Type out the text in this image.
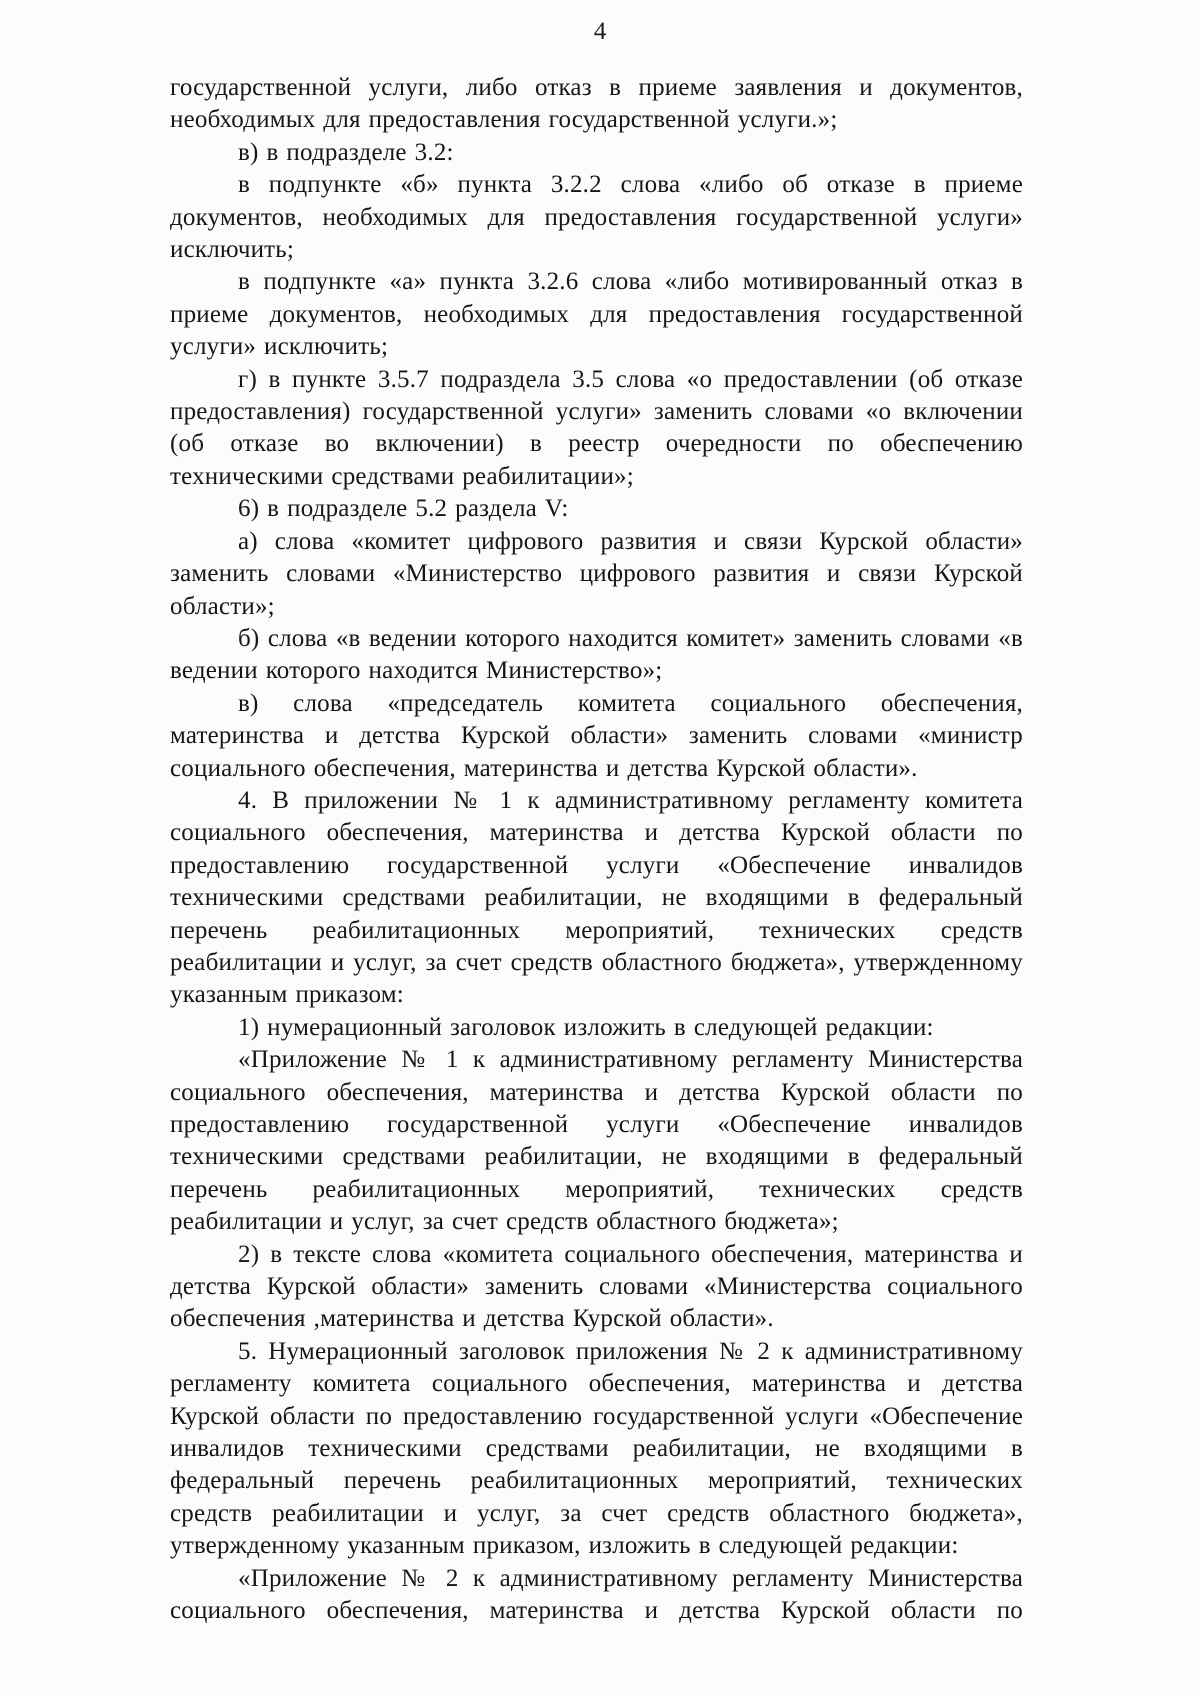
4

государственной услуги, либо отказ в приеме заявления и документов, необходимых для предоставления государственной услуги.»;

в) в подразделе 3.2:

в подпункте «б» пункта 3.2.2 слова «либо об отказе в приеме документов, необходимых для предоставления государственной услуги» исключить;

в подпункте «а» пункта 3.2.6 слова «либо мотивированный отказ в приеме документов, необходимых для предоставления государственной услуги» исключить;

г) в пункте 3.5.7 подраздела 3.5 слова «о предоставлении (об отказе предоставления) государственной услуги» заменить словами «о включении (об отказе во включении) в реестр очередности по обеспечению техническими средствами реабилитации»;

6) в подразделе 5.2 раздела V:

а) слова «комитет цифрового развития и связи Курской области» заменить словами «Министерство цифрового развития и связи Курской области»;

б) слова «в ведении которого находится комитет» заменить словами «в ведении которого находится Министерство»;

в) слова «председатель комитета социального обеспечения, материнства и детства Курской области» заменить словами «министр социального обеспечения, материнства и детства Курской области».

4. В приложении № 1 к административному регламенту комитета социального обеспечения, материнства и детства Курской области по предоставлению государственной услуги «Обеспечение инвалидов техническими средствами реабилитации, не входящими в федеральный перечень реабилитационных мероприятий, технических средств реабилитации и услуг, за счет средств областного бюджета», утвержденному указанным приказом:

1) нумерационный заголовок изложить в следующей редакции:

«Приложение № 1 к административному регламенту Министерства социального обеспечения, материнства и детства Курской области по предоставлению государственной услуги «Обеспечение инвалидов техническими средствами реабилитации, не входящими в федеральный перечень реабилитационных мероприятий, технических средств реабилитации и услуг, за счет средств областного бюджета»;

2) в тексте слова «комитета социального обеспечения, материнства и детства Курской области» заменить словами «Министерства социального обеспечения ,материнства и детства Курской области».

5. Нумерационный заголовок приложения № 2 к административному регламенту комитета социального обеспечения, материнства и детства Курской области по предоставлению государственной услуги «Обеспечение инвалидов техническими средствами реабилитации, не входящими в федеральный перечень реабилитационных мероприятий, технических средств реабилитации и услуг, за счет средств областного бюджета», утвержденному указанным приказом, изложить в следующей редакции:

«Приложение № 2 к административному регламенту Министерства социального обеспечения, материнства и детства Курской области по
